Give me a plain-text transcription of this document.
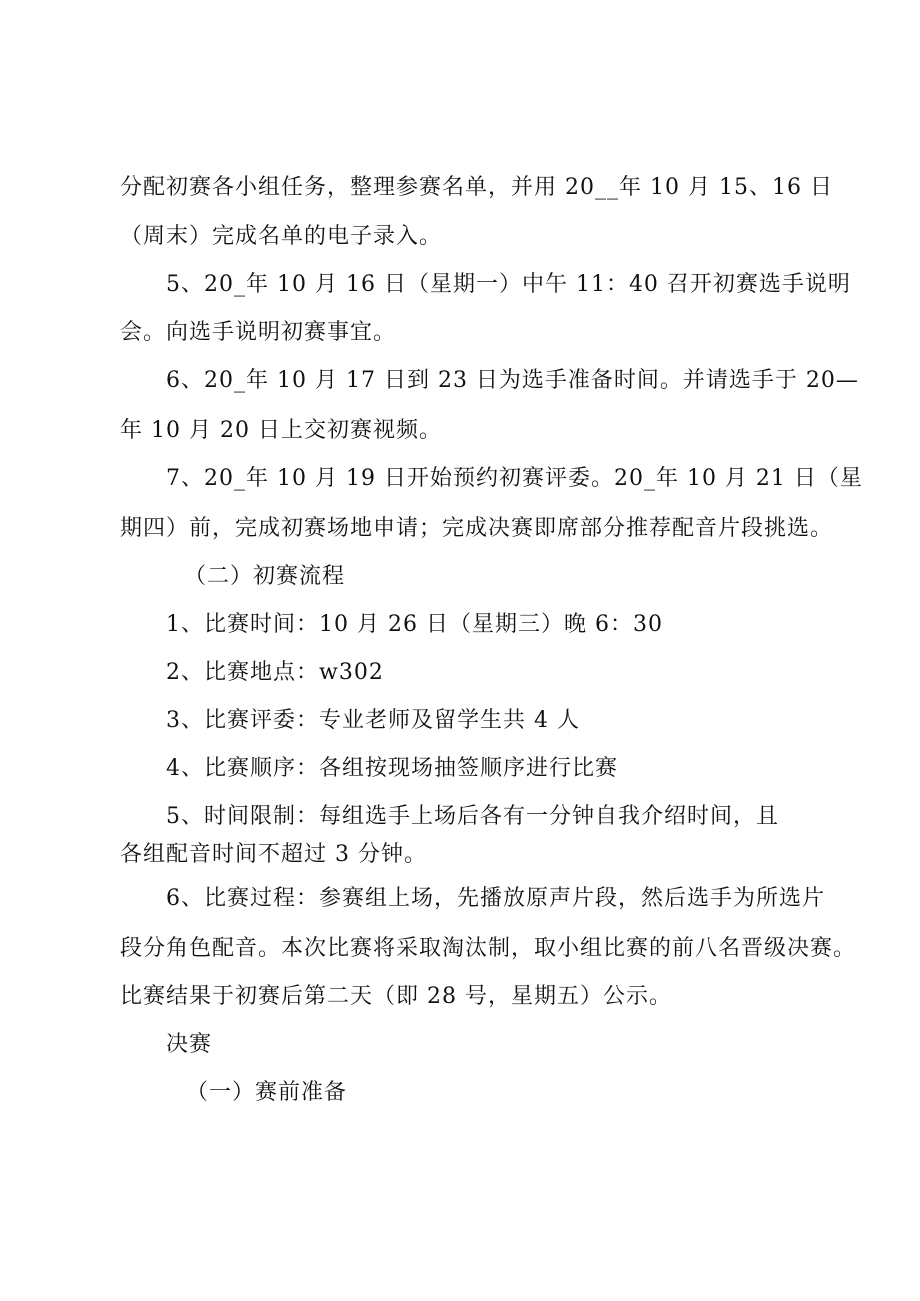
分配初赛各小组任务，整理参赛名单，并用 20__年 10 月 15、16 日
（周末）完成名单的电子录入。
5、20_年 10 月 16 日（星期一）中午 11：40 召开初赛选手说明
会。向选手说明初赛事宜。
6、20_年 10 月 17 日到 23 日为选手准备时间。并请选手于 20—
年 10 月 20 日上交初赛视频。
7、20_年 10 月 19 日开始预约初赛评委。20_年 10 月 21 日（星
期四）前，完成初赛场地申请；完成决赛即席部分推荐配音片段挑选。
（二）初赛流程
1、比赛时间：10 月 26 日（星期三）晚 6：30
2、比赛地点：w302
3、比赛评委：专业老师及留学生共 4 人
4、比赛顺序：各组按现场抽签顺序进行比赛
5、时间限制：每组选手上场后各有一分钟自我介绍时间，且
各组配音时间不超过 3 分钟。
6、比赛过程：参赛组上场，先播放原声片段，然后选手为所选片
段分角色配音。本次比赛将采取淘汰制，取小组比赛的前八名晋级决赛。
比赛结果于初赛后第二天（即 28 号，星期五）公示。
决赛
（一）赛前准备
